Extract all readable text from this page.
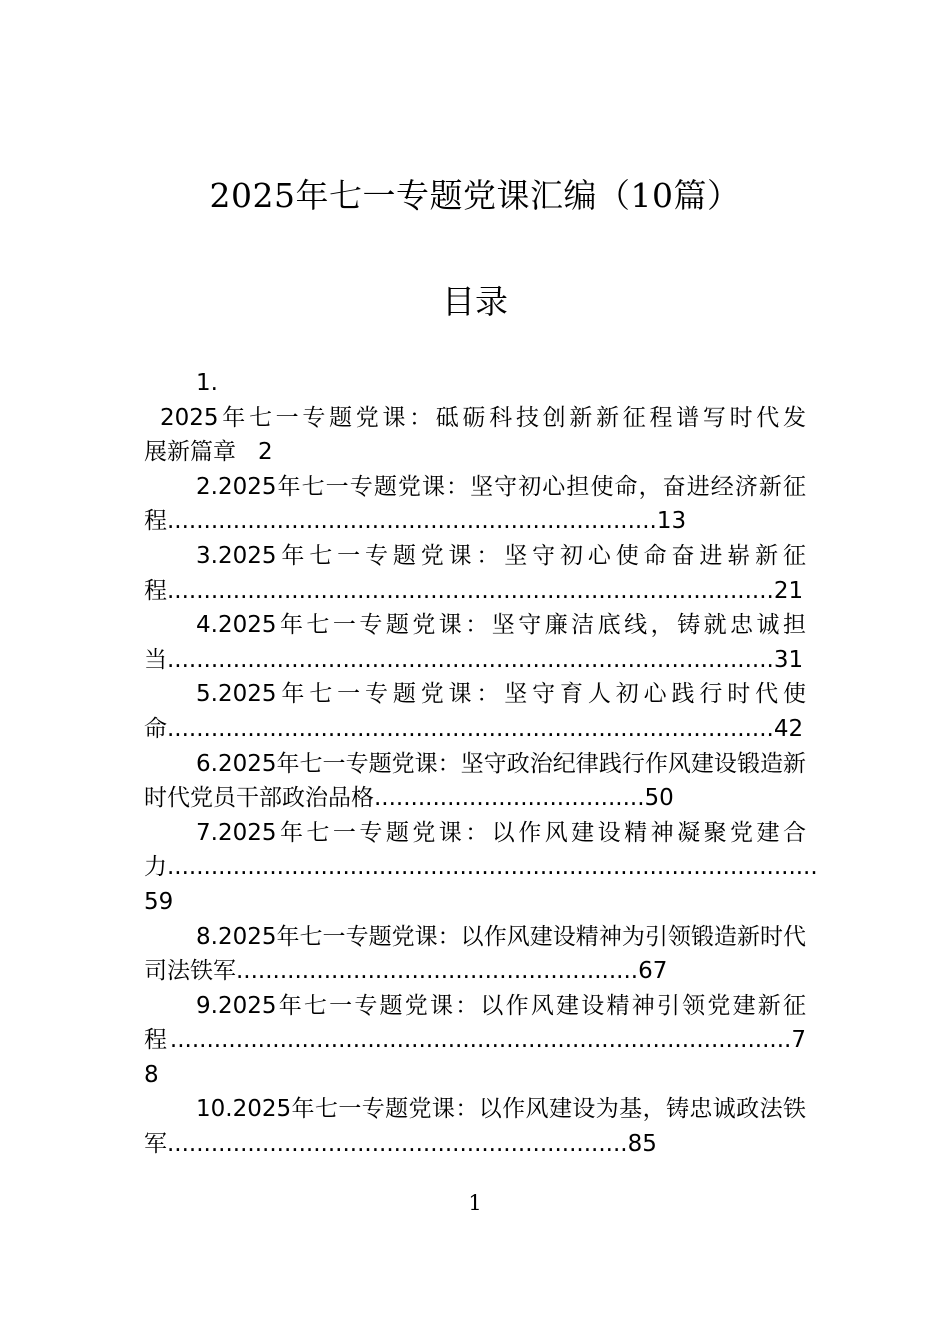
2025年七一专题党课汇编（10篇）
目录
1.
2025年七一专题党课：砥砺科技创新新征程谱写时代发
展新篇章 2

2.2025年七一专题党课：坚守初心担使命，奋进经济新征程...................................................................13

3.2025年七一专题党课：坚守初心使命奋进崭新征程...................................................................................21

4.2025年七一专题党课：坚守廉洁底线，铸就忠诚担当...................................................................................31

5.2025年七一专题党课：坚守育人初心践行时代使命...................................................................................42

6.2025年七一专题党课：坚守政治纪律践行作风建设锻造新时代党员干部政治品格.....................................50

7.2025年七一专题党课：以作风建设精神凝聚党建合力.........................................................................................59

8.2025年七一专题党课：以作风建设精神为引领锻造新时代司法铁军.......................................................67

9.2025年七一专题党课：以作风建设精神引领党建新征程.....................................................................................78

10.2025年七一专题党课：以作风建设为基，铸忠诚政法铁军...............................................................85

1
